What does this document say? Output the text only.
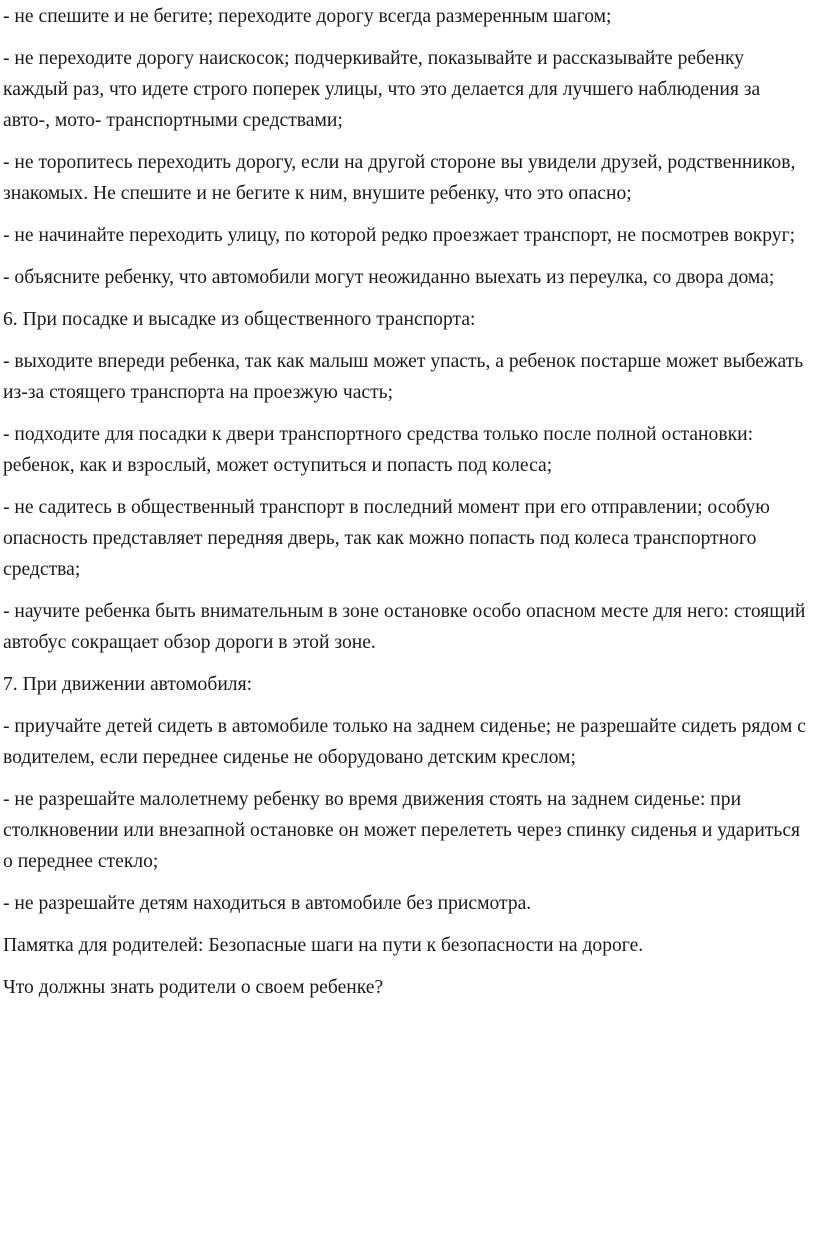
- не спешите и не бегите; переходите дорогу всегда размеренным шагом;

- не переходите дорогу наискосок; подчеркивайте, показывайте и рассказывайте ребенку каждый раз, что идете строго поперек улицы, что это делается для лучшего наблюдения за авто-, мото- транспортными средствами;

- не торопитесь переходить дорогу, если на другой стороне вы увидели друзей, родственников, знакомых. Не спешите и не бегите к ним, внушите ребенку, что это опасно;

- не начинайте переходить улицу, по которой редко проезжает транспорт, не посмотрев вокруг;

- объясните ребенку, что автомобили могут неожиданно выехать из переулка, со двора дома;

6. При посадке и высадке из общественного транспорта:

- выходите впереди ребенка, так как малыш может упасть, а ребенок постарше может выбежать из-за стоящего транспорта на проезжую часть;

- подходите для посадки к двери транспортного средства только после полной остановки: ребенок, как и взрослый, может оступиться и попасть под колеса;

- не садитесь в общественный транспорт в последний момент при его отправлении; особую опасность представляет передняя дверь, так как можно попасть под колеса транспортного средства;

- научите ребенка быть внимательным в зоне остановке особо опасном месте для него: стоящий автобус сокращает обзор дороги в этой зоне.

7. При движении автомобиля:

- приучайте детей сидеть в автомобиле только на заднем сиденье; не разрешайте сидеть рядом с водителем, если переднее сиденье не оборудовано детским креслом;

- не разрешайте малолетнему ребенку во время движения стоять на заднем сиденье: при столкновении или внезапной остановке он может перелететь через спинку сиденья и удариться о переднее стекло;

- не разрешайте детям находиться в автомобиле без присмотра.

Памятка для родителей: Безопасные шаги на пути к безопасности на дороге.

Что должны знать родители о своем ребенке?
